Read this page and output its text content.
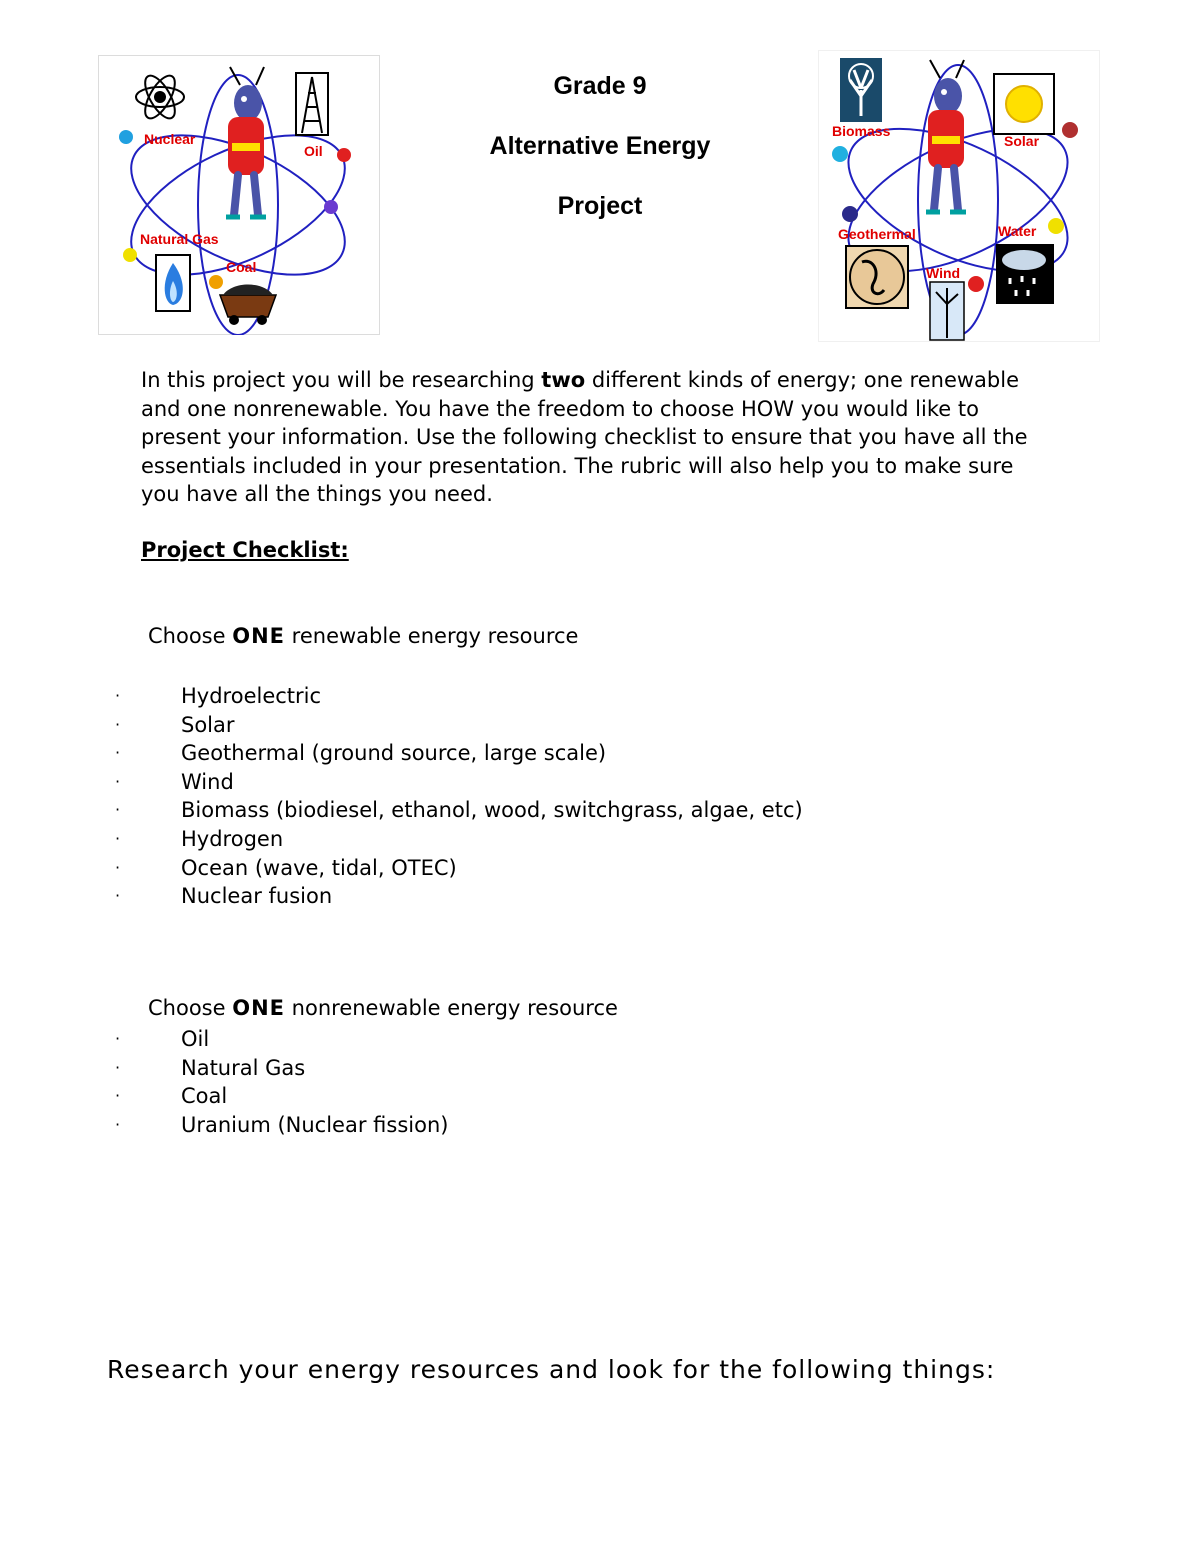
Nuclear
Oil
Natural Gas
Coal
Grade 9
Alternative Energy
Project
Biomass
Solar
Geothermal	Water
Wind
In this project you will be researching two different kinds of energy; one renewable and one nonrenewable. You have the freedom to choose HOW you would like to present your information. Use the following checklist to ensure that you have all the essentials included in your presentation. The rubric will also help you to make sure you have all the things you need.
Project Checklist:
Choose ONE renewable energy resource
·	Hydroelectric
·	Solar
·	Geothermal (ground source, large scale)
·	Wind
·	Biomass (biodiesel, ethanol, wood, switchgrass, algae, etc)
·	Hydrogen
·	Ocean (wave, tidal, OTEC)
·	Nuclear fusion
Choose ONE nonrenewable energy resource
·	Oil
·	Natural Gas
·	Coal
·	Uranium (Nuclear fission)
Research your energy resources and look for the following things:
